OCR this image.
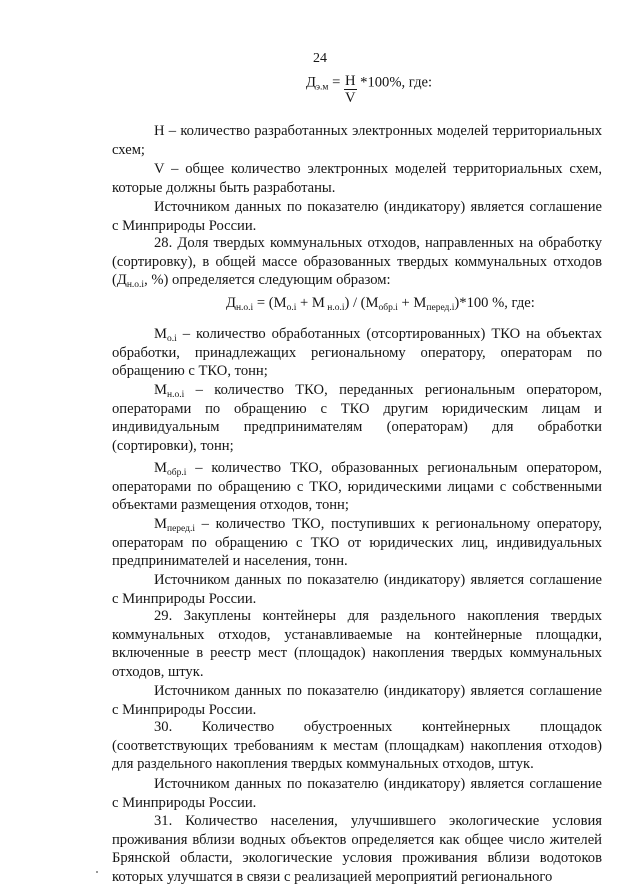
24
$Д_{э.м} = \frac{Н}{V} *100\%$, где:

Н – количество разработанных электронных моделей территориальных схем;

V – общее количество электронных моделей территориальных схем, которые должны быть разработаны.

Источником данных по показателю (индикатору) является соглашение с Минприроды России.

28. Доля твердых коммунальных отходов, направленных на обработку (сортировку), в общей массе образованных твердых коммунальных отходов ($Д_{н.о.i}$, %) определяется следующим образом:
$Д_{н.о.i} = (М_{о.i} + М$ $_{н.о.i}) / (М_{обр.i} + М_{перед.i})*100$ %, где:
$М_{о.i}$ – количество обработанных (отсортированных) ТКО на объектах обработки, принадлежащих региональному оператору, операторам по обращению с ТКО, тонн;
$М_{н.о.i}$ – количество ТКО, переданных региональным оператором, операторами по обращению с ТКО другим юридическим лицам и индивидуальным предпринимателям (операторам) для обработки (сортировки), тонн;
$М_{обр.i}$ – количество ТКО, образованных региональным оператором, операторами по обращению с ТКО, юридическими лицами с собственными объектами размещения отходов, тонн;
$М_{перед.i}$ – количество ТКО, поступивших к региональному оператору, операторам по обращению с ТКО от юридических лиц, индивидуальных предпринимателей и населения, тонн.

Источником данных по показателю (индикатору) является соглашение с Минприроды России.

29. Закуплены контейнеры для раздельного накопления твердых коммунальных отходов, устанавливаемые на контейнерные площадки, включенные в реестр мест (площадок) накопления твердых коммунальных отходов, штук.

Источником данных по показателю (индикатору) является соглашение с Минприроды России.

30. Количество обустроенных контейнерных площадок (соответствующих требованиям к местам (площадкам) накопления отходов) для раздельного накопления твердых коммунальных отходов, штук.

Источником данных по показателю (индикатору) является соглашение с Минприроды России.

31. Количество населения, улучшившего экологические условия проживания вблизи водных объектов определяется как общее число жителей Брянской области, экологические условия проживания вблизи водотоков которых улучшатся в связи с реализацией мероприятий регионального
